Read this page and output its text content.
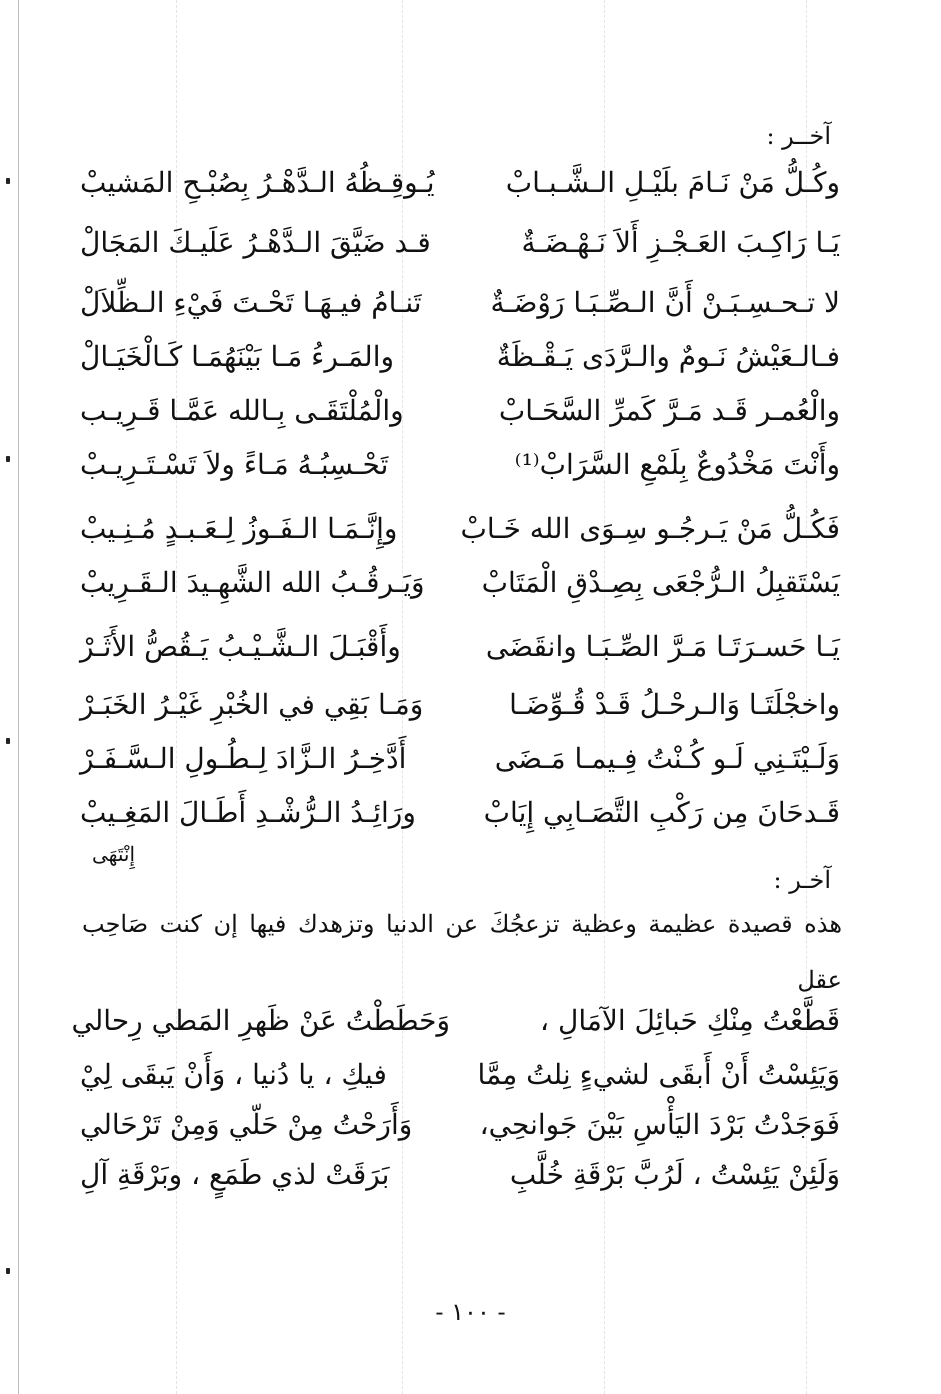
آخــر :
وكُـلُّ مَنْ نَـامَ بلَيْـلِ الـشَّـبـابْ
يُـوقِـظُهُ الـدَّهْـرُ بِصُبْـحِ المَشيبْ
يَـا رَاكِـبَ العَـجْـزِ أَلاَ نَـهْـضَـةٌ
قـد ضَيَّقَ الـدَّهْـرُ عَلَيـكَ المَجَالْ
لا تـحـسِـبَـنْ أَنَّ الـصِّـبَـا رَوْضَـةٌ
تَنـامُ فيـهَـا تَحْـتَ فَيْءِ الـظِّلاَلْ
فـالـعَيْشُ نَـومٌ والـرَّدَى يَـقْـظَةٌ
والمَـرءُ مَـا بَيْنَهُمَـا كَـالْخَيَـالْ
والْعُمـر قَـد مَـرَّ كَمرِّ السَّحَـابْ
والْمُلْتَقَـى بِـالله عَمَّـا قَـرِيـب
وأَنْتَ مَخْدُوعٌ بِلَمْعِ السَّرَابْ⁽¹⁾
تَحْـسِبُـهُ مَـاءً ولاَ تَسْـتَـرِيـبْ
فَكُـلُّ مَنْ يَـرجُـو سِـوَى الله خَـابْ
وإِنَّـمَـا الـفَـوزُ لِـعَـبـدٍ مُـنِـيبْ
يَسْتَقبِلُ الـرُّجْعَى بِصِـدْقِ الْمَتَابْ
وَيَـرقُـبُ الله الشَّهِـيدَ الـقَـرِيبْ
يَـا حَسـرَتَـا مَـرَّ الصِّـبَـا وانقَضَى
وأَقْبَـلَ الـشَّـيْـبُ يَـقُصُّ الأَثَـرْ
واخجْلَتَـا وَالـرحْـلُ قَـدْ قُـوِّضَـا
وَمَـا بَقِي في الخُبْرِ غَيْـرُ الخَبَـرْ
وَلَـيْتَـنِي لَـو كُـنْتُ فِـيمـا مَـضَى
أَدَّخِـرُ الـزَّادَ لِـطُـولِ الـسَّـفَـرْ
قَـدحَانَ مِن رَكْبِ التَّصَـابِي إِيَابْ
ورَائِـدُ الـرُّشْـدِ أَطَـالَ المَغِـيبْ
إِنْتَهَى
آخـر :
هذه قصيدة عظيمة وعظية تزعجُكَ عن الدنيا وتزهدك فيها إن كنت صَاحِب عقل
قَطَّعْتُ مِنْكِ حَبائِلَ الآمَالِ ،
وَحَطَطْتُ عَنْ ظَهرِ المَطي رِحالي
وَيَئِسْتُ أَنْ أَبقَى لشيءٍ نِلتُ مِمَّا
فيكِ ، يا دُنيا ، وَأَنْ يَبقَى لِيْ
فَوَجَدْتُ بَرْدَ اليَأْسِ بَيْنَ جَوانحِي،
وَأَرَحْتُ مِنْ حَلّي وَمِنْ تَرْحَالي
وَلَئِنْ يَئِسْتُ ، لَرُبَّ بَرْقَةِ خُلَّبِ
بَرَقَتْ لذي طَمَعٍ ، وبَرْقَةِ آلِ
- ١٠٠ -
